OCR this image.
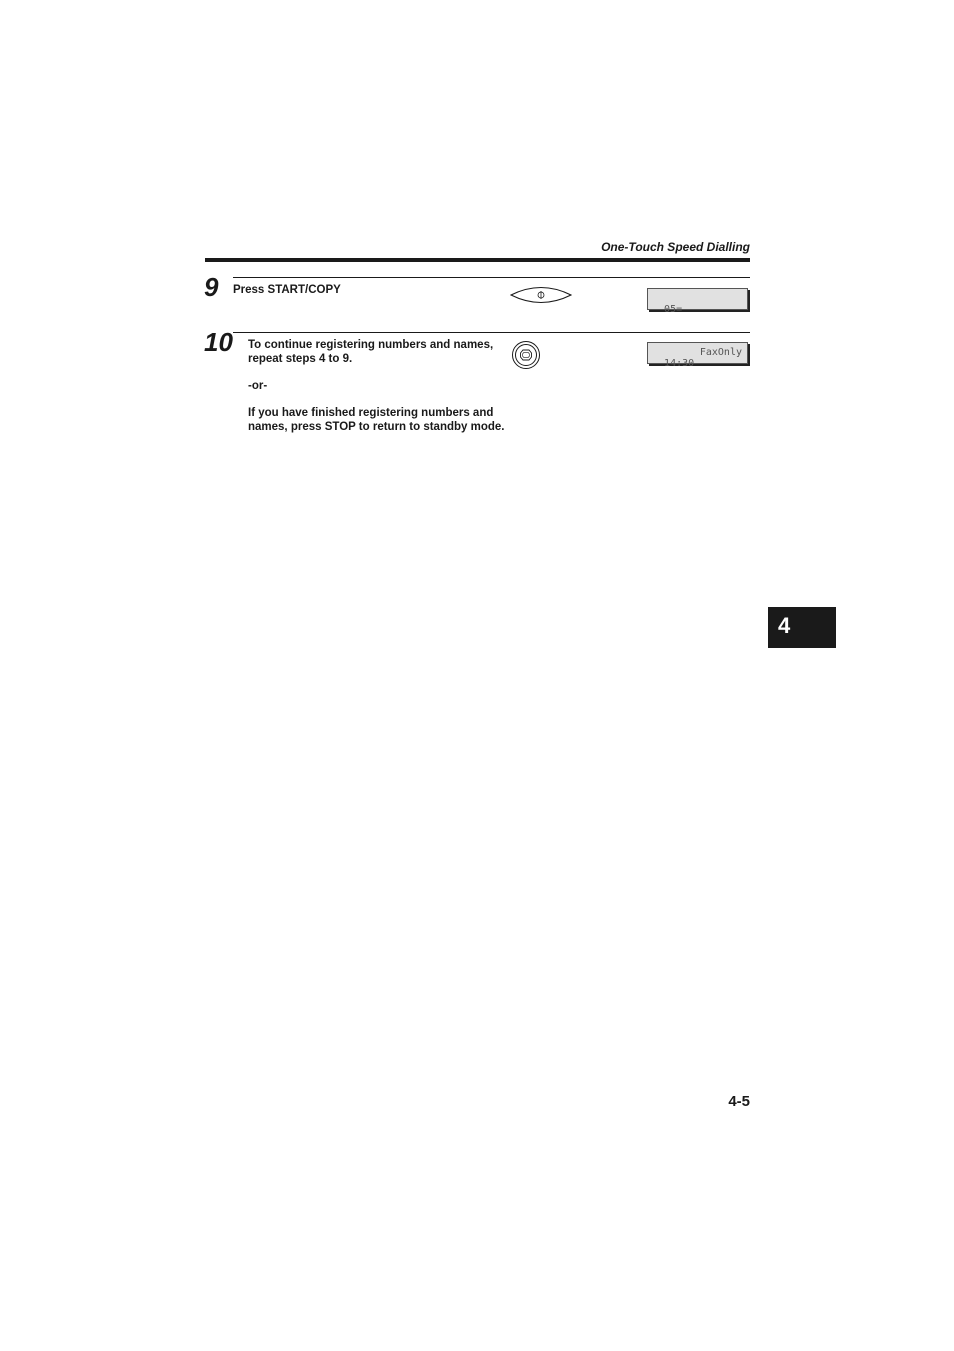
One-Touch Speed Dialling
9 Press START/COPY

05=

10 To continue registering numbers and names, repeat steps 4 to 9.

-or-

If you have finished registering numbers and names, press STOP to return to standby mode.

14:30

FaxOnly

4
4-5
